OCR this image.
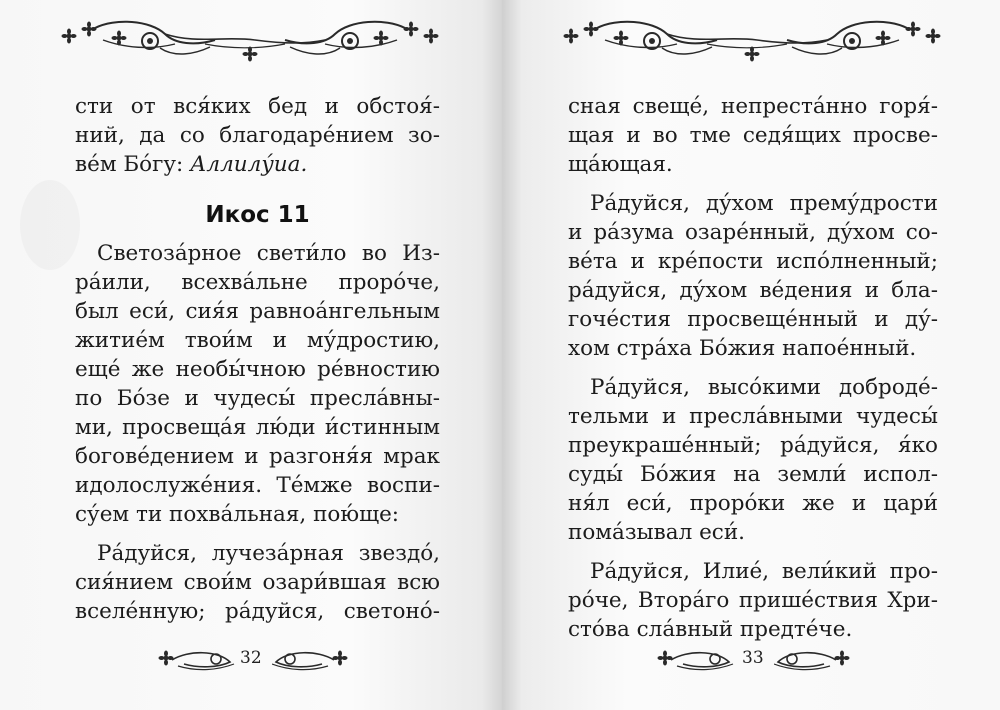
сти от вся́ких бед и обстоя́-
ний, да со благодаре́нием зо-
ве́м Бо́гу: Аллилу́иа.
Икос 11
Светоза́рное свети́ло во Из-
ра́или, всехва́льне проро́че,
был еси́, сия́я равноа́нгельным
житие́м твои́м и му́дростию,
еще́ же необы́чною ре́вностию
по Бо́зе и чудесы́ пресла́вны-
ми, просвеща́я лю́ди и́стинным
богове́дением и разгоня́я мрак
идолослуже́ния. Те́мже воспи-
су́ем ти похва́льная, пою́ще:
Ра́дуйся, лучеза́рная звездо́,
сия́нием свои́м озари́вшая всю
вселе́нную; ра́дуйся, светоно́-
32
сная свеще́, непреста́нно горя́-
щая и во тме седя́щих просве-
ща́ющая.
Ра́дуйся, ду́хом прему́дрости
и ра́зума озаре́нный, ду́хом со-
ве́та и кре́пости испо́лненный;
ра́дуйся, ду́хом ве́дения и бла-
гоче́стия просвеще́нный и ду́-
хом стра́ха Бо́жия напое́нный.
Ра́дуйся, высо́кими доброде́-
тельми и пресла́вными чудесы́
преукраше́нный; ра́дуйся, я́ко
суды́ Бо́жия на земли́ испол-
ня́л еси́, проро́ки же и цари́
пома́зывал еси́.
Ра́дуйся, Илие́, вели́кий про-
ро́че, Втора́го прише́ствия Хри-
сто́ва сла́вный предте́че.
33
